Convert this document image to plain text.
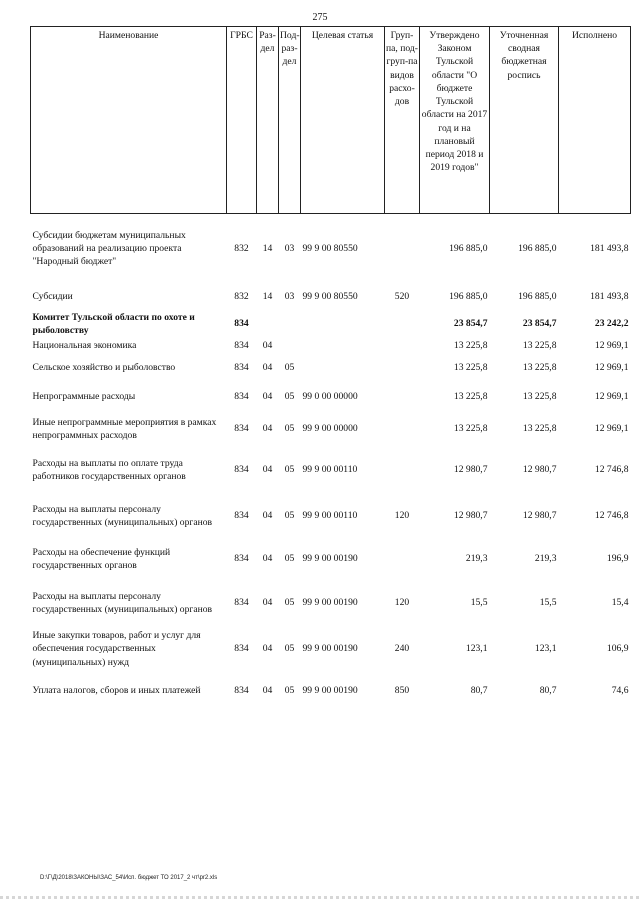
275
Наименование	ГРБС	Раз-дел	Под-раз-дел	Целевая статья	Груп-па, под-груп-па видов расхо-дов	Утверждено Законом Тульской области "О бюджете Тульской области на 2017 год и на плановый период 2018 и 2019 годов"	Уточненная сводная бюджетная роспись	Исполнено
Субсидии бюджетам муниципальных образований на реализацию проекта "Народный бюджет"	832	14	03	99 9 00 80550		196 885,0	196 885,0	181 493,8
Субсидии	832	14	03	99 9 00 80550	520	196 885,0	196 885,0	181 493,8
Комитет Тульской области по охоте и рыболовству	834					23 854,7	23 854,7	23 242,2
Национальная экономика	834	04				13 225,8	13 225,8	12 969,1
Сельское хозяйство и рыболовство	834	04	05			13 225,8	13 225,8	12 969,1
Непрограммные расходы	834	04	05	99 0 00 00000		13 225,8	13 225,8	12 969,1
Иные непрограммные мероприятия в рамках непрограммных расходов	834	04	05	99 9 00 00000		13 225,8	13 225,8	12 969,1
Расходы на выплаты по оплате труда работников государственных органов	834	04	05	99 9 00 00110		12 980,7	12 980,7	12 746,8
Расходы на выплаты персоналу государственных (муниципальных) органов	834	04	05	99 9 00 00110	120	12 980,7	12 980,7	12 746,8
Расходы на обеспечение функций государственных органов	834	04	05	99 9 00 00190		219,3	219,3	196,9
Расходы на выплаты персоналу государственных (муниципальных) органов	834	04	05	99 9 00 00190	120	15,5	15,5	15,4
Иные закупки товаров, работ и услуг для обеспечения государственных (муниципальных) нужд	834	04	05	99 9 00 00190	240	123,1	123,1	106,9
Уплата налогов, сборов и иных платежей	834	04	05	99 9 00 00190	850	80,7	80,7	74,6
D:\Г\Д\2018\ЗАКОНЫ\ЗАС_54\Исп. бюджет ТО 2017_2 чт\pr2.xls
